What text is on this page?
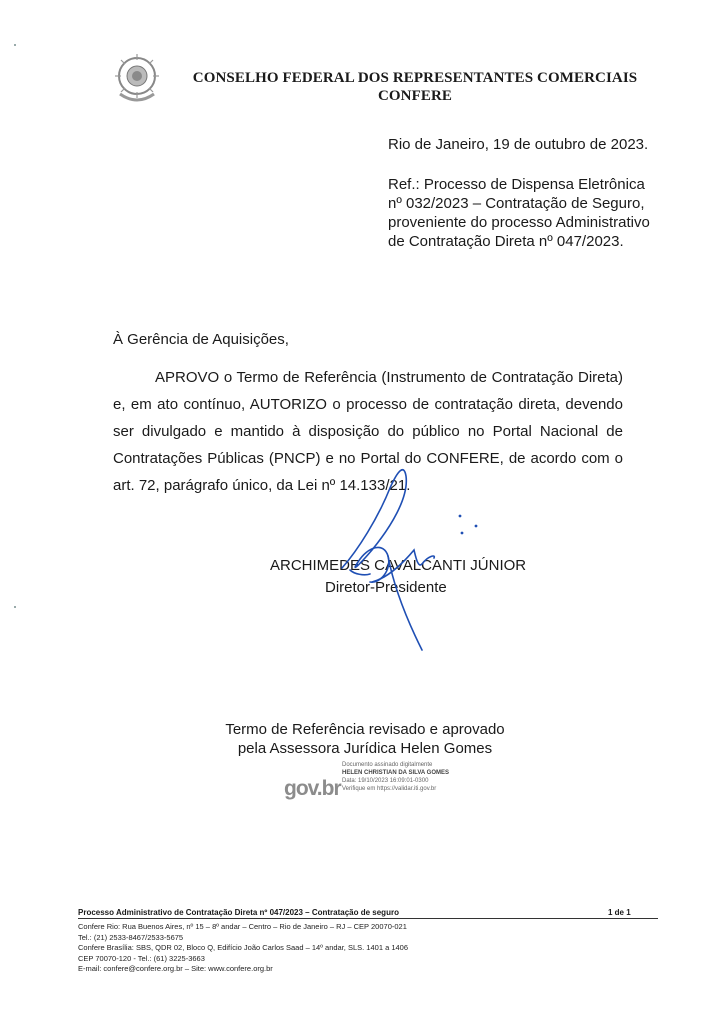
CONSELHO FEDERAL DOS REPRESENTANTES COMERCIAIS
CONFERE
Rio de Janeiro, 19 de outubro de 2023.
Ref.: Processo de Dispensa Eletrônica
nº 032/2023 – Contratação de Seguro,
proveniente do processo Administrativo
de Contratação Direta nº 047/2023.
À Gerência de Aquisições,
APROVO o Termo de Referência (Instrumento de Contratação Direta) e, em ato contínuo, AUTORIZO o processo de contratação direta, devendo ser divulgado e mantido à disposição do público no Portal Nacional de Contratações Públicas (PNCP) e no Portal do CONFERE, de acordo com o art. 72, parágrafo único, da Lei nº 14.133/21.
ARCHIMEDES CAVALCANTI JÚNIOR
Diretor-Presidente
Termo de Referência revisado e aprovado
pela Assessora Jurídica Helen Gomes
gov.br
Documento assinado digitalmente
HELEN CHRISTIAN DA SILVA GOMES
Data: 19/10/2023 16:09:01-0300
Verifique em https://validar.iti.gov.br
Processo Administrativo de Contratação Direta nº 047/2023 – Contratação de seguro	1 de 1
Confere Rio: Rua Buenos Aires, nº 15 – 8º andar – Centro – Rio de Janeiro – RJ – CEP 20070-021
Tel.: (21) 2533-8467/2533-5675
Confere Brasília: SBS, QDR 02, Bloco Q, Edifício João Carlos Saad – 14º andar, SLS. 1401 a 1406
CEP 70070-120 - Tel.: (61) 3225-3663
E-mail: confere@confere.org.br – Site: www.confere.org.br
